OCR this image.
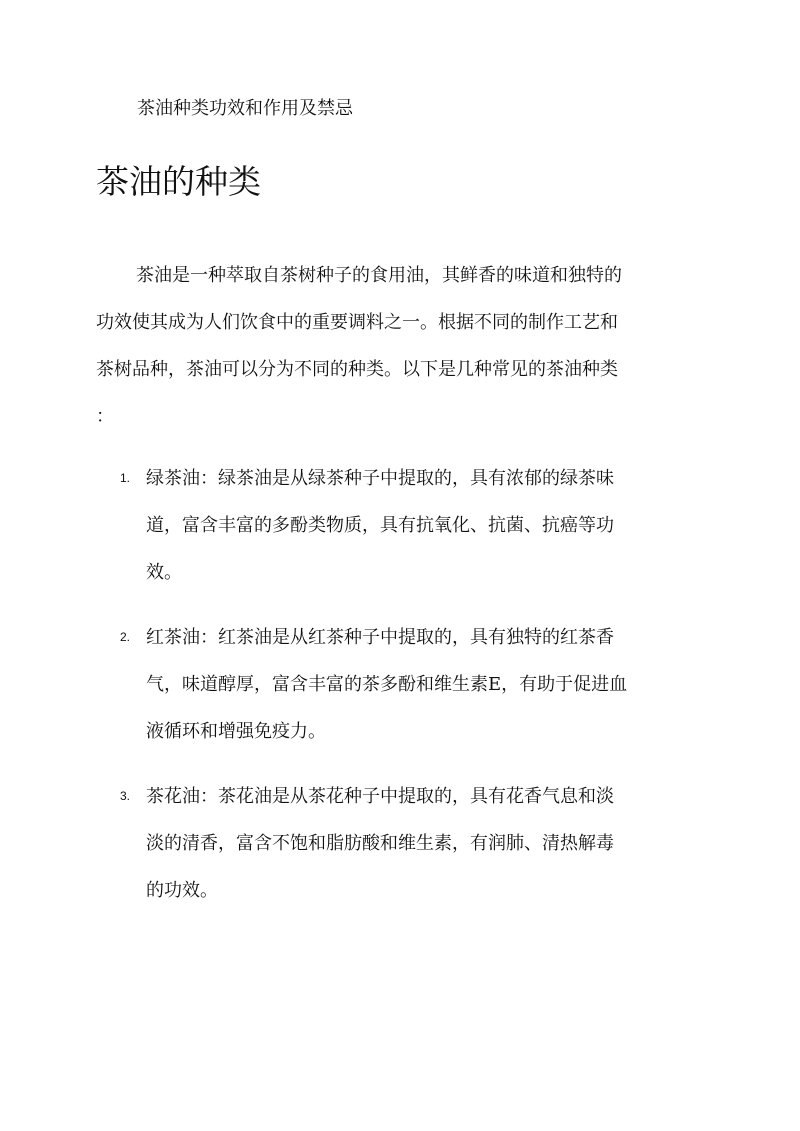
茶油种类功效和作用及禁忌
茶油的种类
茶油是一种萃取自茶树种子的食用油，其鲜香的味道和独特的
功效使其成为人们饮食中的重要调料之一。根据不同的制作工艺和
茶树品种，茶油可以分为不同的种类。以下是几种常见的茶油种类
：
1. 绿茶油：绿茶油是从绿茶种子中提取的，具有浓郁的绿茶味
道，富含丰富的多酚类物质，具有抗氧化、抗菌、抗癌等功
效。
2. 红茶油：红茶油是从红茶种子中提取的，具有独特的红茶香
气，味道醇厚，富含丰富的茶多酚和维生素E，有助于促进血
液循环和增强免疫力。
3. 茶花油：茶花油是从茶花种子中提取的，具有花香气息和淡
淡的清香，富含不饱和脂肪酸和维生素，有润肺、清热解毒
的功效。
